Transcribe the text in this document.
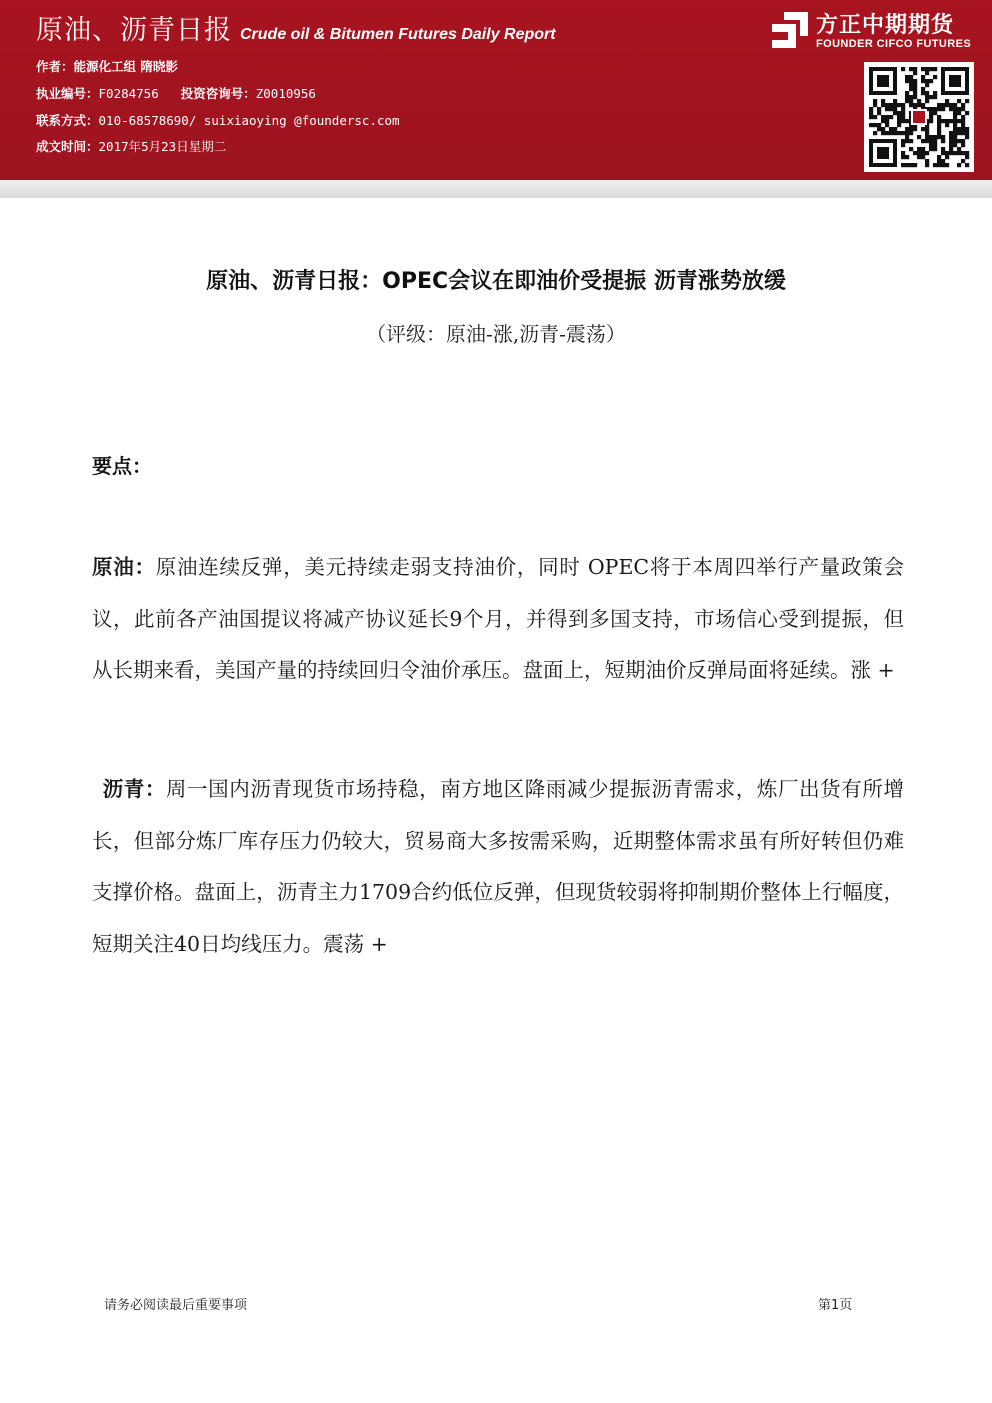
原油、沥青日报 Crude oil & Bitumen Futures Daily Report
作者：能源化工组 隋晓影
执业编号：F0284756 投资咨询号：Z0010956
联系方式：010-68578690/ suixiaoying @foundersc.com
成文时间：2017年5月23日星期二
方正中期期货
FOUNDER CIFCO FUTURES
原油、沥青日报：OPEC会议在即油价受提振 沥青涨势放缓
（评级：原油-涨,沥青-震荡）
要点：
原油：原油连续反弹，美元持续走弱支持油价，同时 OPEC将于本周四举行产量政策会议，此前各产油国提议将减产协议延长9个月，并得到多国支持，市场信心受到提振，但从长期来看，美国产量的持续回归令油价承压。盘面上，短期油价反弹局面将延续。涨 +
沥青：周一国内沥青现货市场持稳，南方地区降雨减少提振沥青需求，炼厂出货有所增长，但部分炼厂库存压力仍较大，贸易商大多按需采购，近期整体需求虽有所好转但仍难支撑价格。盘面上，沥青主力1709合约低位反弹，但现货较弱将抑制期价整体上行幅度，短期关注40日均线压力。震荡 +
请务必阅读最后重要事项	第1页
